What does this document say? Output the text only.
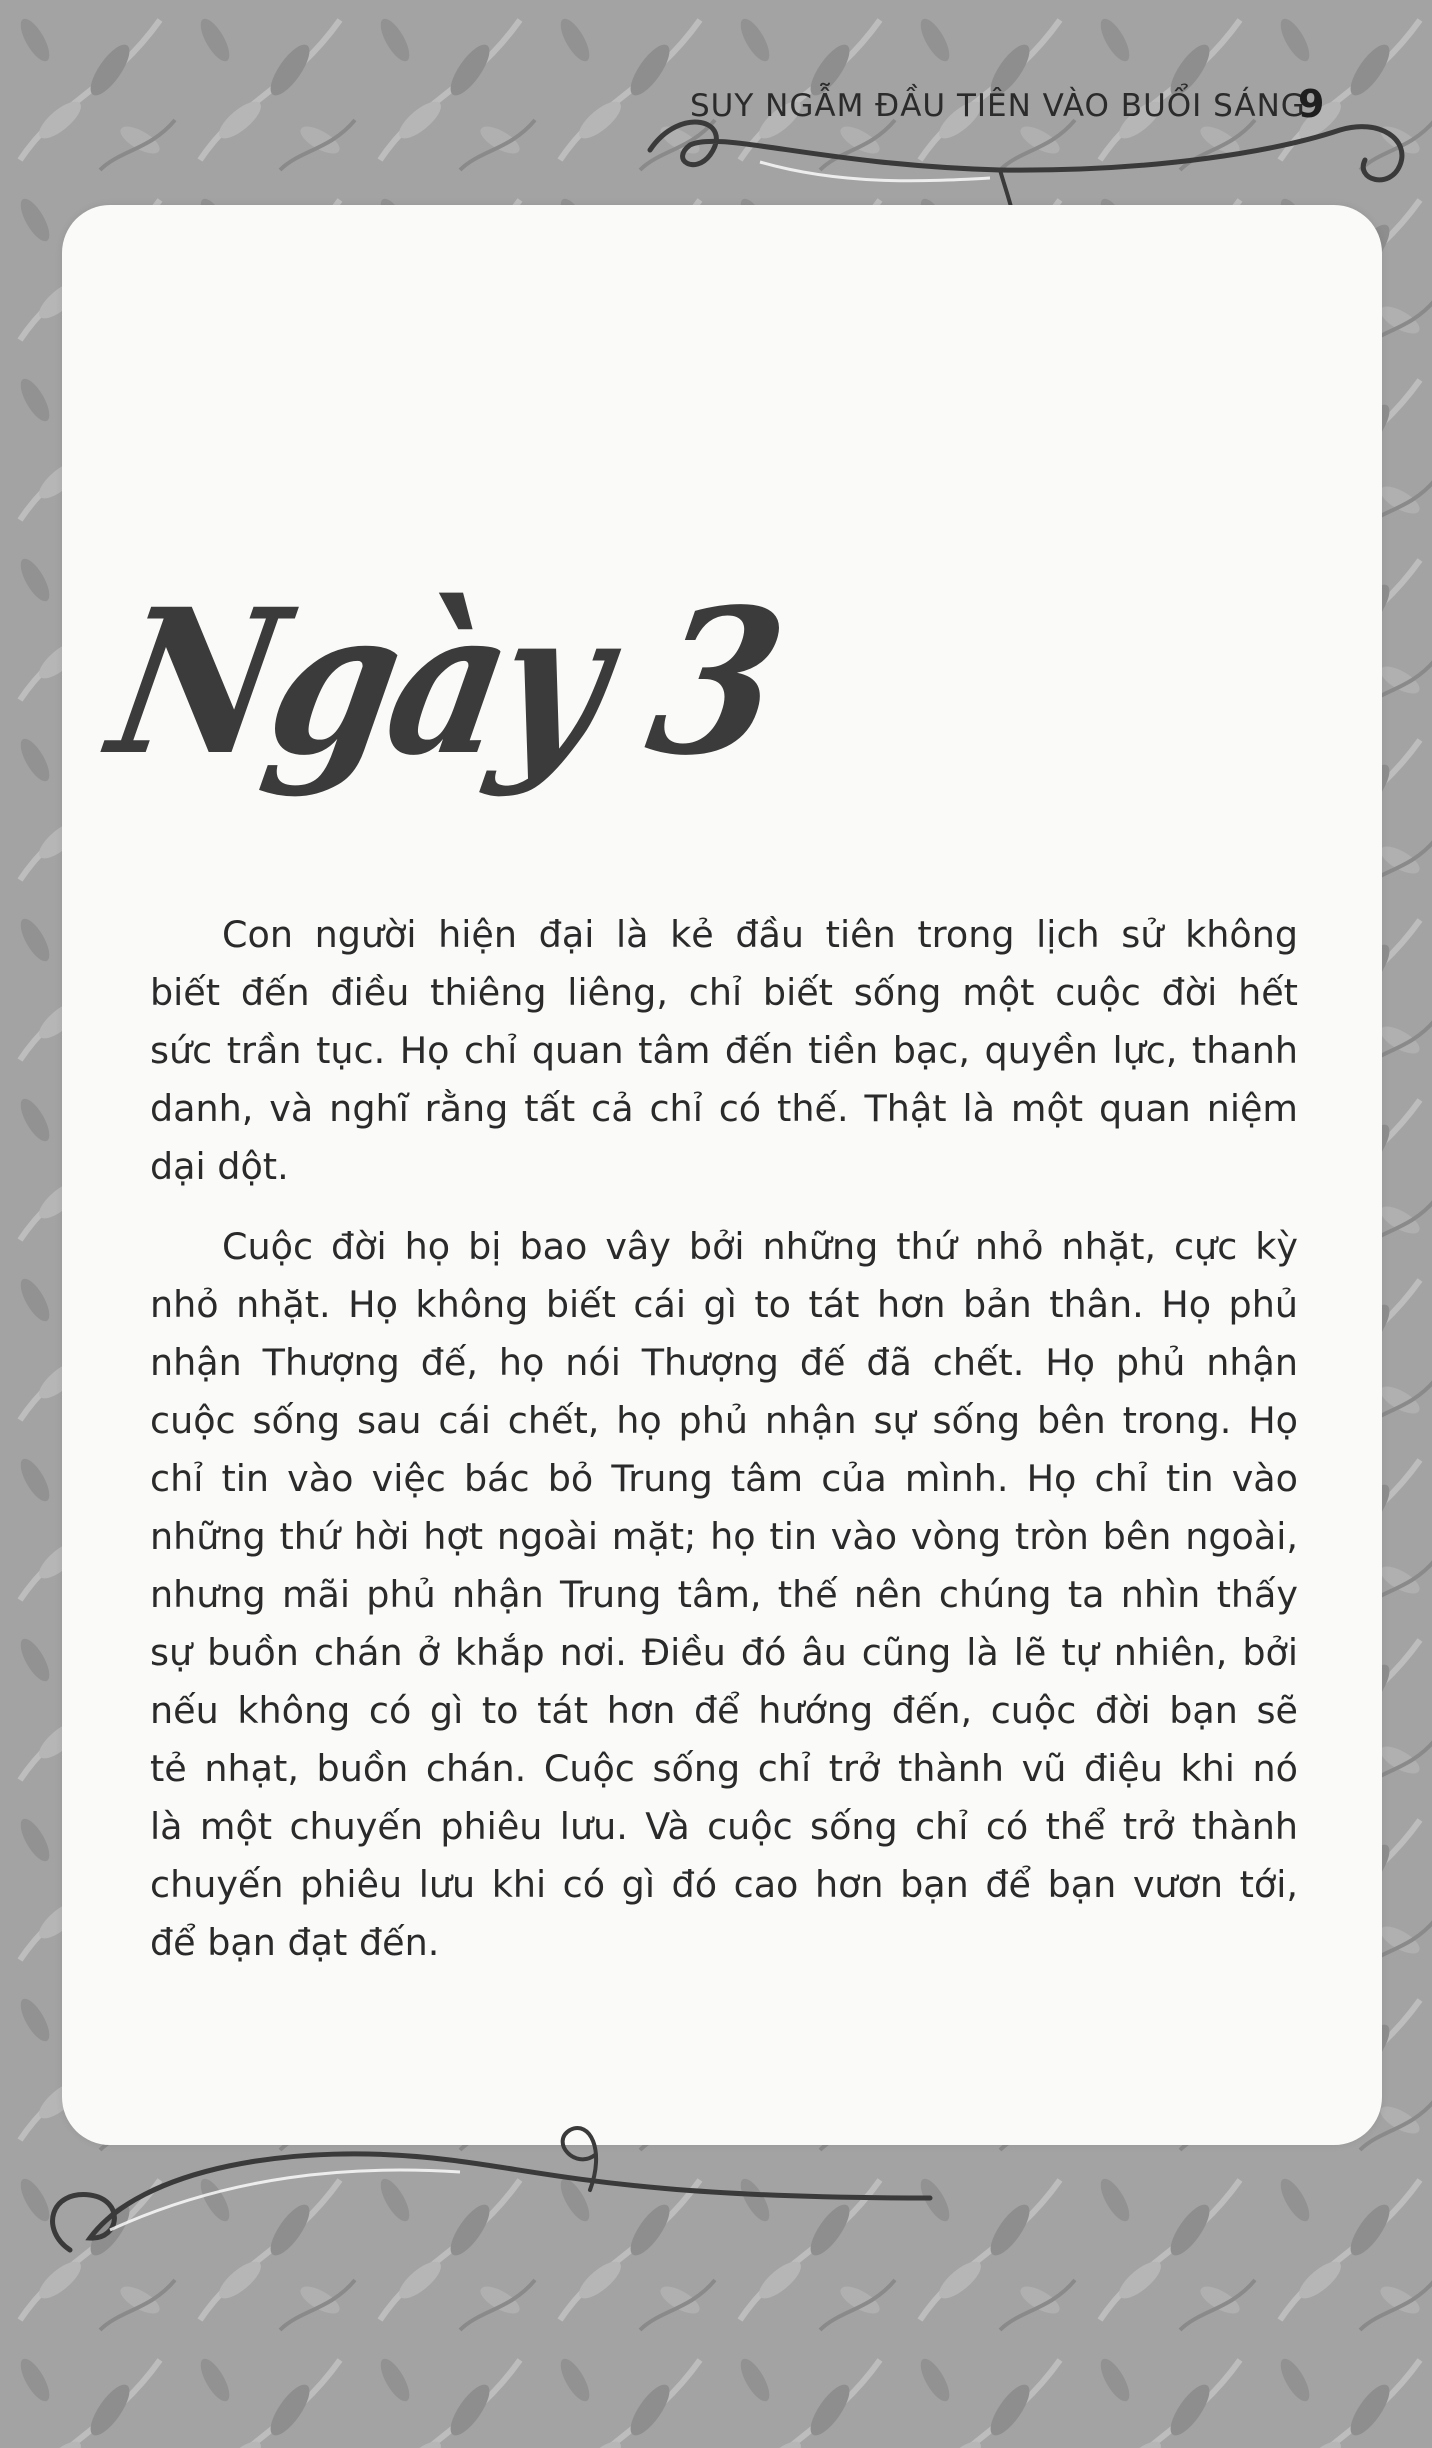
SUY NGẪM ĐẦU TIÊN VÀO BUỔI SÁNG
9
Ngày 3
Con người hiện đại là kẻ đầu tiên trong lịch sử không
biết đến điều thiêng liêng, chỉ biết sống một cuộc đời hết
sức trần tục. Họ chỉ quan tâm đến tiền bạc, quyền lực, thanh
danh, và nghĩ rằng tất cả chỉ có thế. Thật là một quan niệm
dại dột.
Cuộc đời họ bị bao vây bởi những thứ nhỏ nhặt, cực kỳ
nhỏ nhặt. Họ không biết cái gì to tát hơn bản thân. Họ phủ
nhận Thượng đế, họ nói Thượng đế đã chết. Họ phủ nhận
cuộc sống sau cái chết, họ phủ nhận sự sống bên trong. Họ
chỉ tin vào việc bác bỏ Trung tâm của mình. Họ chỉ tin vào
những thứ hời hợt ngoài mặt; họ tin vào vòng tròn bên ngoài,
nhưng mãi phủ nhận Trung tâm, thế nên chúng ta nhìn thấy
sự buồn chán ở khắp nơi. Điều đó âu cũng là lẽ tự nhiên, bởi
nếu không có gì to tát hơn để hướng đến, cuộc đời bạn sẽ
tẻ nhạt, buồn chán. Cuộc sống chỉ trở thành vũ điệu khi nó
là một chuyến phiêu lưu. Và cuộc sống chỉ có thể trở thành
chuyến phiêu lưu khi có gì đó cao hơn bạn để bạn vươn tới,
để bạn đạt đến.
